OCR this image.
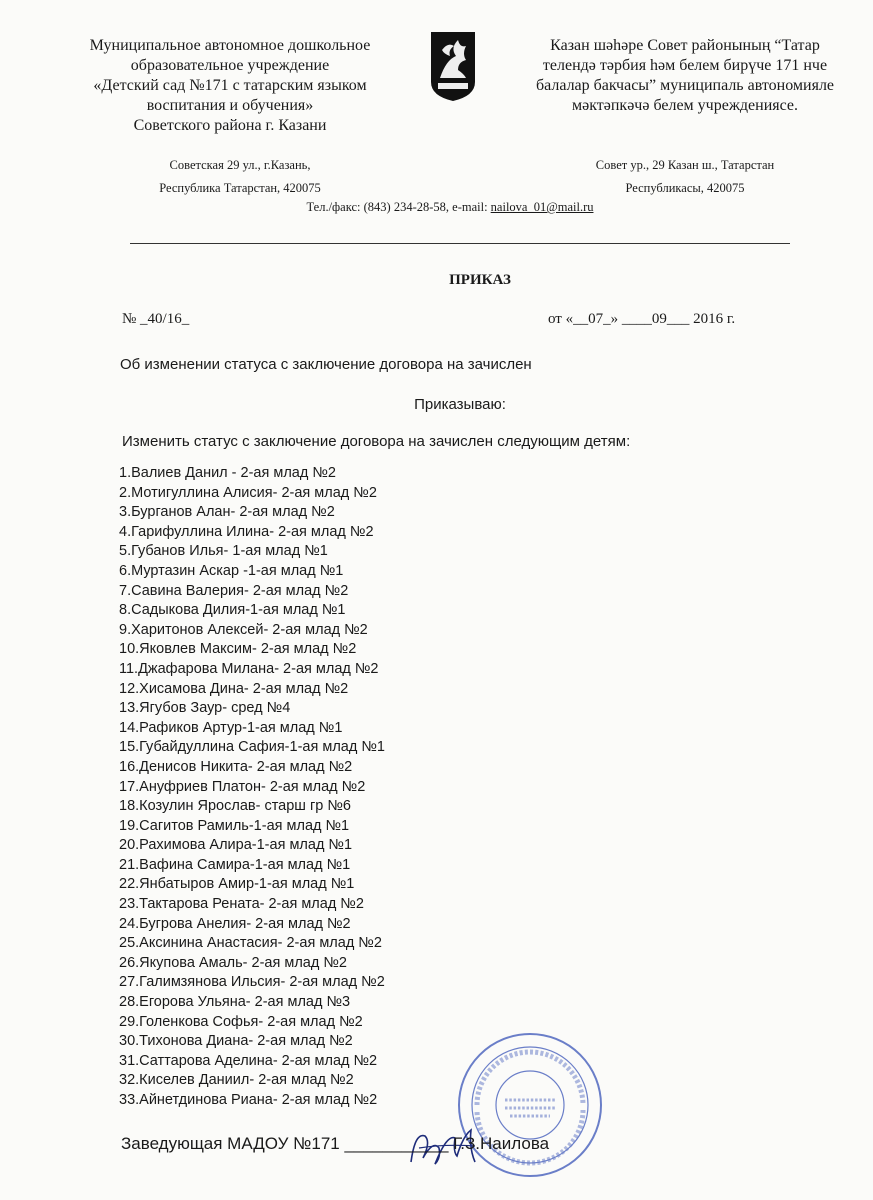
Муниципальное автономное дошкольное
образовательное учреждение
«Детский сад №171 с татарским языком
воспитания и обучения»
Советского района г. Казани
Казан шәһәре Совет районының “Татар
телендә тәрбия һәм белем бирүче 171 нче
балалар бакчасы” муниципаль автономияле
мәктәпкәчә белем учреждениясе.
Советская 29 ул., г.Казань,
Республика Татарстан, 420075
Совет ур., 29 Казан ш., Татарстан
Республикасы, 420075
Тел./факс: (843) 234-28-58, e-mail: nailova_01@mail.ru
ПРИКАЗ
№ _40/16_	от «__07_» ____09___ 2016 г.
Об изменении статуса с заключение договора на зачислен
Приказываю:
Изменить статус с заключение договора на зачислен следующим детям:
1.Валиев Данил - 2-ая млад №2
2.Мотигуллина Алисия- 2-ая млад №2
3.Бурганов Алан- 2-ая млад №2
4.Гарифуллина Илина- 2-ая млад №2
5.Губанов Илья- 1-ая млад №1
6.Муртазин Аскар -1-ая млад №1
7.Савина Валерия- 2-ая млад №2
8.Садыкова Дилия-1-ая млад №1
9.Харитонов Алексей- 2-ая млад №2
10.Яковлев Максим- 2-ая млад №2
11.Джафарова Милана- 2-ая млад №2
12.Хисамова Дина- 2-ая млад №2
13.Ягубов Заур- сред №4
14.Рафиков Артур-1-ая млад №1
15.Губайдуллина Сафия-1-ая млад №1
16.Денисов Никита- 2-ая млад №2
17.Ануфриев Платон- 2-ая млад №2
18.Козулин Ярослав- старш гр №6
19.Сагитов Рамиль-1-ая млад №1
20.Рахимова Алира-1-ая млад №1
21.Вафина Самира-1-ая млад №1
22.Янбатыров Амир-1-ая млад №1
23.Тактарова Рената- 2-ая млад №2
24.Бугрова Анелия- 2-ая млад №2
25.Аксинина Анастасия- 2-ая млад №2
26.Якупова Амаль- 2-ая млад №2
27.Галимзянова Ильсия- 2-ая млад №2
28.Егорова Ульяна- 2-ая млад №3
29.Голенкова Софья- 2-ая млад №2
30.Тихонова Диана- 2-ая млад №2
31.Саттарова Аделина- 2-ая млад №2
32.Киселев Даниил- 2-ая млад №2
33.Айнетдинова Риана- 2-ая млад №2
Заведующая МАДОУ №171 ___________ Г.З.Наилова
